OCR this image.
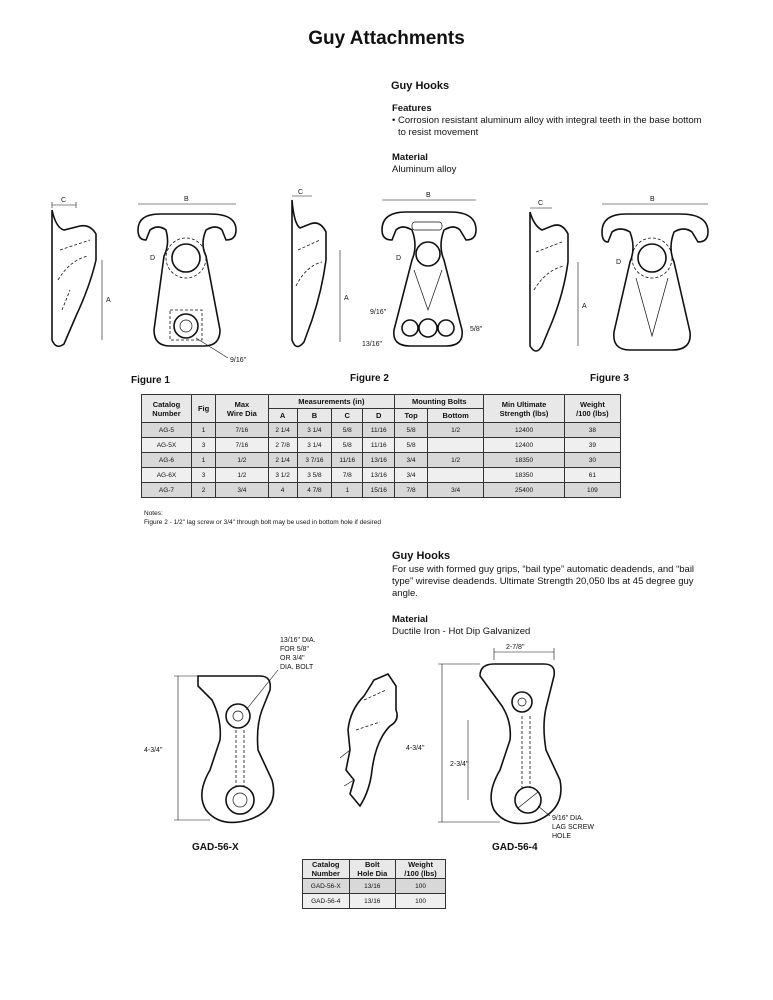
Guy Attachments
Guy Hooks
Features
• Corrosion resistant aluminum alloy with integral teeth in the base bottom
to resist movement
Material
Aluminum alloy
C
A
B
D
9/16"
C
A
B
D
9/16"
5/8"
13/16"
C
A
B
D
Figure 1	Figure 2	Figure 3
Catalog
Number	Fig	Max
Wire Dia	Measurements (in)				Mounting Bolts		Min Ultimate
Strength (lbs)	Weight
/100 (lbs)
			A	B	C	D	Top	Bottom		
AG-5	1	7/16	2 1/4	3 1/4	5/8	11/16	5/8	1/2	12400	38
AG-5X	3	7/16	2 7/8	3 1/4	5/8	11/16	5/8		12400	39
AG-6	1	1/2	2 1/4	3 7/16	11/16	13/16	3/4	1/2	18350	30
AG-6X	3	1/2	3 1/2	3 5/8	7/8	13/16	3/4		18350	61
AG-7	2	3/4	4	4 7/8	1	15/16	7/8	3/4	25400	109
Notes:
Figure 2 - 1/2" lag screw or 3/4" through bolt may be used in bottom hole if desired
Guy Hooks
For use with formed guy grips, “bail type” automatic deadends, and “bail
type” wirevise deadends. Ultimate Strength 20,050 lbs at 45 degree guy
angle.
Material
Ductile Iron - Hot Dip Galvanized
4-3/4"
13/16" DIA.
FOR 5/8"
OR 3/4"
DIA. BOLT
2-7/8"
4-3/4"
2-3/4"
9/16" DIA.
LAG SCREW
HOLE
GAD-56-X	GAD-56-4
Catalog
Number	Bolt
Hole Dia	Weight
/100 (lbs)
GAD-56-X	13/16	100
GAD-56-4	13/16	100
